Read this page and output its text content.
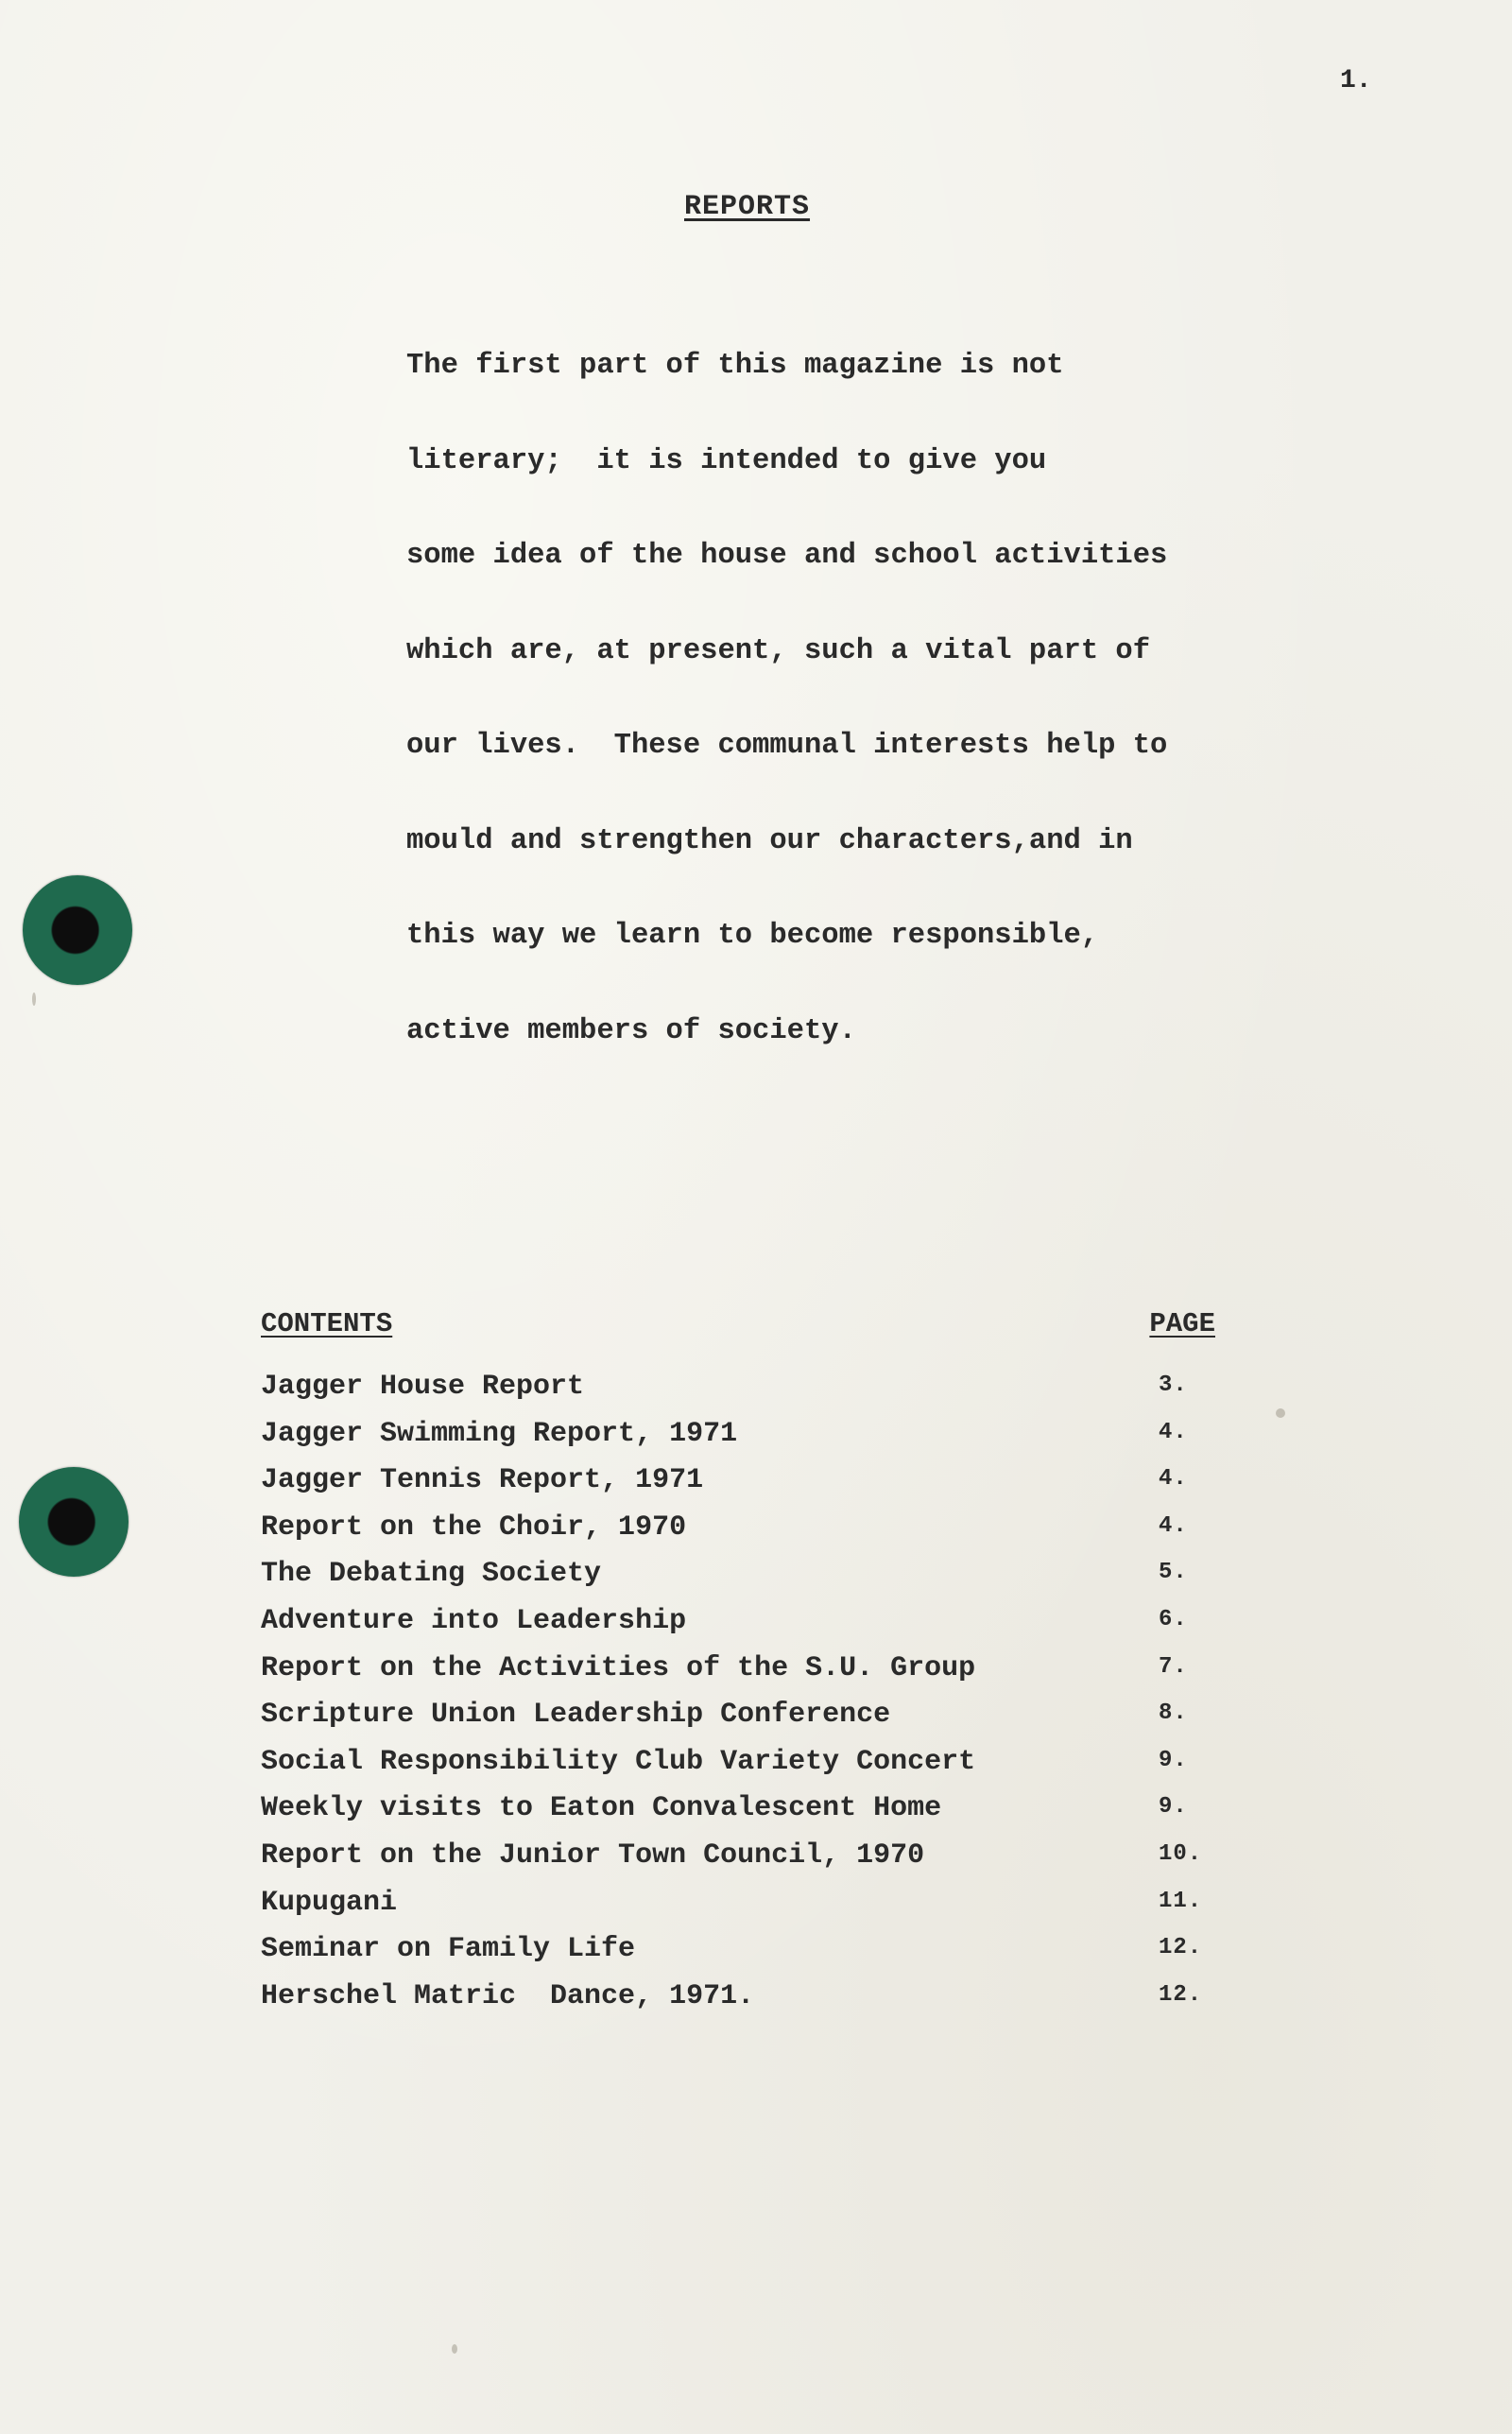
1.
REPORTS

The first part of this magazine is not

literary;  it is intended to give you

some idea of the house and school activities

which are, at present, such a vital part of

our lives.  These communal interests help to

mould and strengthen our characters,and in

this way we learn to become responsible,

active members of society.

CONTENTS	PAGE
Jagger House Report	3.
Jagger Swimming Report, 1971	4.
Jagger Tennis Report, 1971	4.
Report on the Choir, 1970	4.
The Debating Society	5.
Adventure into Leadership	6.
Report on the Activities of the S.U. Group	7.
Scripture Union Leadership Conference	8.
Social Responsibility Club Variety Concert	9.
Weekly visits to Eaton Convalescent Home	9.
Report on the Junior Town Council, 1970	10.
Kupugani	11.
Seminar on Family Life	12.
Herschel Matric  Dance, 1971.	12.
